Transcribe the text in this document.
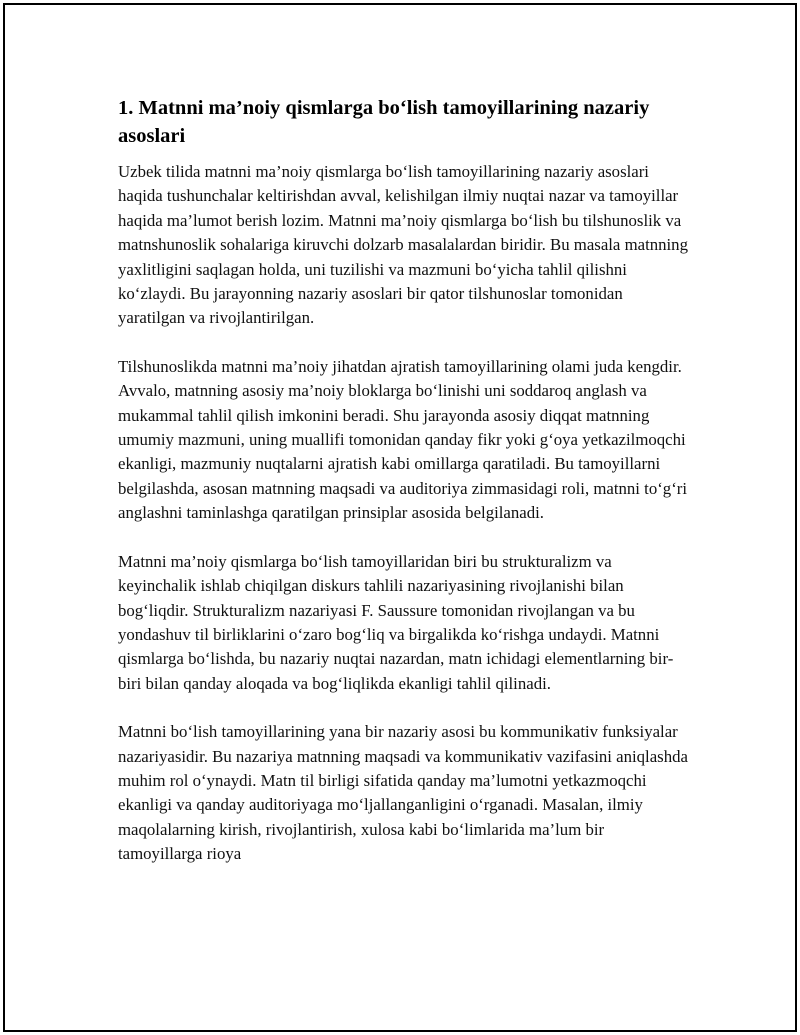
1. Matnni ma’noiy qismlarga bo‘lish tamoyillarining nazariy asoslari

Uzbek tilida matnni ma’noiy qismlarga bo‘lish tamoyillarining nazariy asoslari haqida tushunchalar keltirishdan avval, kelishilgan ilmiy nuqtai nazar va tamoyillar haqida ma’lumot berish lozim. Matnni ma’noiy qismlarga bo‘lish bu tilshunoslik va matnshunoslik sohalariga kiruvchi dolzarb masalalardan biridir. Bu masala matnning yaxlitligini saqlagan holda, uni tuzilishi va mazmuni bo‘yicha tahlil qilishni ko‘zlaydi. Bu jarayonning nazariy asoslari bir qator tilshunoslar tomonidan yaratilgan va rivojlantirilgan.

Tilshunoslikda matnni ma’noiy jihatdan ajratish tamoyillarining olami juda kengdir. Avvalo, matnning asosiy ma’noiy bloklarga bo‘linishi uni soddaroq anglash va mukammal tahlil qilish imkonini beradi. Shu jarayonda asosiy diqqat matnning umumiy mazmuni, uning muallifi tomonidan qanday fikr yoki g‘oya yetkazilmoqchi ekanligi, mazmuniy nuqtalarni ajratish kabi omillarga qaratiladi. Bu tamoyillarni belgilashda, asosan matnning maqsadi va auditoriya zimmasidagi roli, matnni to‘g‘ri anglashni taminlashga qaratilgan prinsiplar asosida belgilanadi.

Matnni ma’noiy qismlarga bo‘lish tamoyillaridan biri bu strukturalizm va keyinchalik ishlab chiqilgan diskurs tahlili nazariyasining rivojlanishi bilan bog‘liqdir. Strukturalizm nazariyasi F. Saussure tomonidan rivojlangan va bu yondashuv til birliklarini o‘zaro bog‘liq va birgalikda ko‘rishga undaydi. Matnni qismlarga bo‘lishda, bu nazariy nuqtai nazardan, matn ichidagi elementlarning bir-biri bilan qanday aloqada va bog‘liqlikda ekanligi tahlil qilinadi.

Matnni bo‘lish tamoyillarining yana bir nazariy asosi bu kommunikativ funksiyalar nazariyasidir. Bu nazariya matnning maqsadi va kommunikativ vazifasini aniqlashda muhim rol o‘ynaydi. Matn til birligi sifatida qanday ma’lumotni yetkazmoqchi ekanligi va qanday auditoriyaga mo‘ljallanganligini o‘rganadi. Masalan, ilmiy maqolalarning kirish, rivojlantirish, xulosa kabi bo‘limlarida ma’lum bir tamoyillarga rioya
